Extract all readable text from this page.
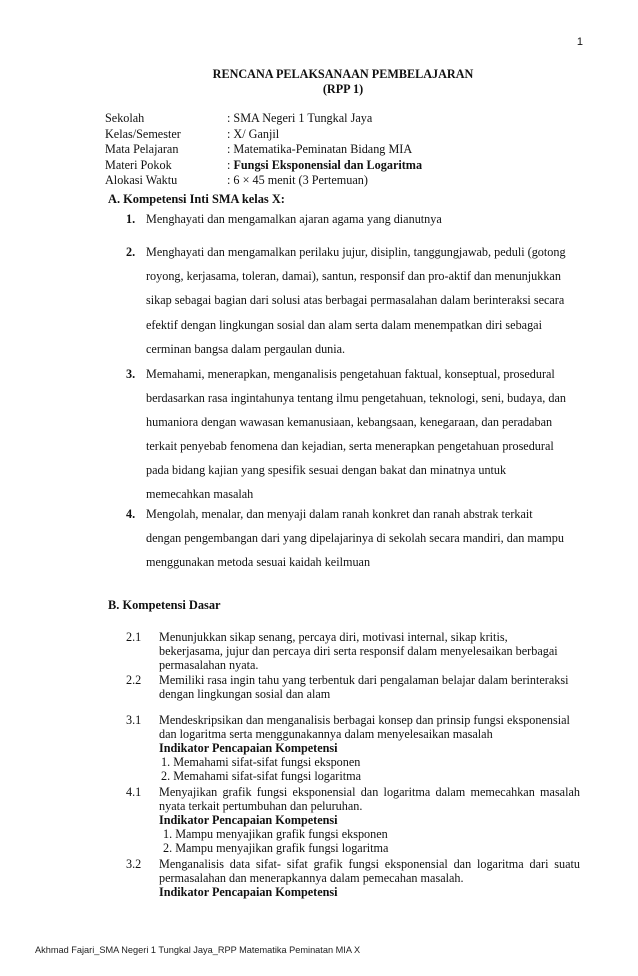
1
RENCANA PELAKSANAAN PEMBELAJARAN
(RPP 1)
Sekolah	: SMA Negeri 1 Tungkal Jaya
Kelas/Semester	: X/ Ganjil
Mata Pelajaran	: Matematika-Peminatan Bidang MIA
Materi Pokok	: Fungsi Eksponensial dan Logaritma
Alokasi Waktu	: 6 × 45 menit (3 Pertemuan)
A. Kompetensi Inti SMA kelas X:
1. Menghayati dan mengamalkan ajaran agama yang dianutnya
2. Menghayati dan mengamalkan perilaku jujur, disiplin, tanggungjawab, peduli (gotong
royong, kerjasama, toleran, damai), santun, responsif dan pro-aktif dan menunjukkan
sikap sebagai bagian dari solusi atas berbagai permasalahan dalam berinteraksi secara
efektif dengan lingkungan sosial dan alam serta dalam menempatkan diri sebagai
cerminan bangsa dalam pergaulan dunia.
3. Memahami, menerapkan, menganalisis pengetahuan faktual, konseptual, prosedural
berdasarkan rasa ingintahunya tentang ilmu pengetahuan, teknologi, seni, budaya, dan
humaniora dengan wawasan kemanusiaan, kebangsaan, kenegaraan, dan peradaban
terkait penyebab fenomena dan kejadian, serta menerapkan pengetahuan prosedural
pada bidang kajian yang spesifik sesuai dengan bakat dan minatnya untuk
memecahkan masalah
4. Mengolah, menalar, dan menyaji dalam ranah konkret dan ranah abstrak terkait
dengan pengembangan dari yang dipelajarinya di sekolah secara mandiri, dan mampu
menggunakan metoda sesuai kaidah keilmuan
B. Kompetensi Dasar
2.1 Menunjukkan sikap senang, percaya diri, motivasi internal, sikap kritis,
bekerjasama, jujur dan percaya diri serta responsif dalam menyelesaikan berbagai
permasalahan nyata.
2.2 Memiliki rasa ingin tahu yang terbentuk dari pengalaman belajar dalam berinteraksi
dengan lingkungan sosial dan alam
3.1 Mendeskripsikan dan menganalisis berbagai konsep dan prinsip fungsi eksponensial
dan logaritma serta menggunakannya dalam menyelesaikan masalah
Indikator Pencapaian Kompetensi
1. Memahami sifat-sifat fungsi eksponen
2. Memahami sifat-sifat fungsi logaritma
4.1 Menyajikan grafik fungsi eksponensial dan logaritma dalam memecahkan masalah
nyata terkait pertumbuhan dan peluruhan.
Indikator Pencapaian Kompetensi
1. Mampu menyajikan grafik fungsi eksponen
2. Mampu menyajikan grafik fungsi logaritma
3.2 Menganalisis data sifat- sifat grafik fungsi eksponensial dan logaritma dari suatu
permasalahan dan menerapkannya dalam pemecahan masalah.
Indikator Pencapaian Kompetensi
Akhmad Fajari_SMA Negeri 1 Tungkal Jaya_RPP Matematika Peminatan MIA X
